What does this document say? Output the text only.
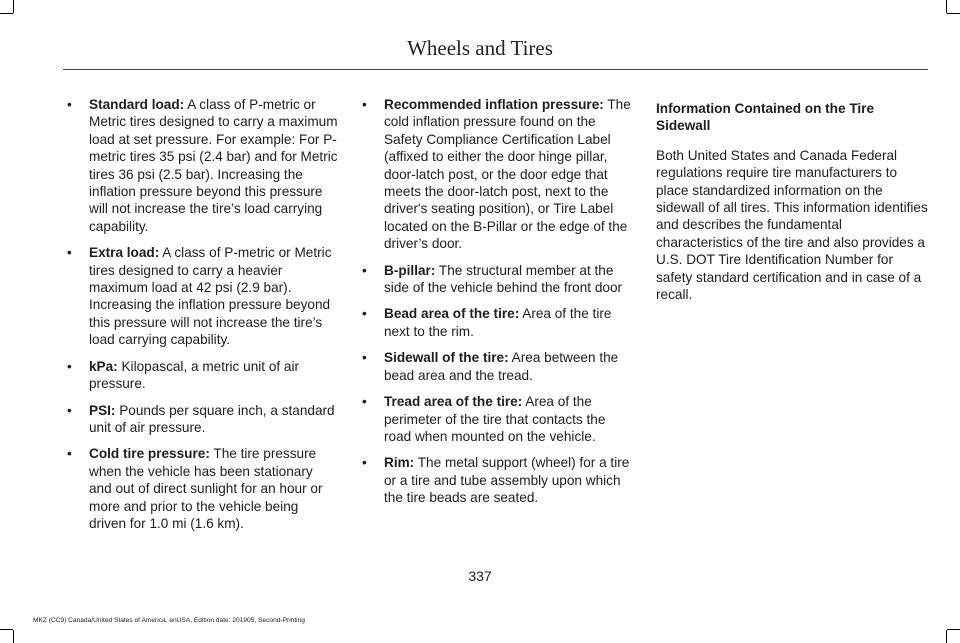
Wheels and Tires
• Standard load: A class of P-metric or Metric tires designed to carry a maximum load at set pressure. For example: For P-metric tires 35 psi (2.4 bar) and for Metric tires 36 psi (2.5 bar). Increasing the inflation pressure beyond this pressure will not increase the tire’s load carrying capability.
• Extra load: A class of P-metric or Metric tires designed to carry a heavier maximum load at 42 psi (2.9 bar). Increasing the inflation pressure beyond this pressure will not increase the tire’s load carrying capability.
• kPa: Kilopascal, a metric unit of air pressure.
• PSI: Pounds per square inch, a standard unit of air pressure.
• Cold tire pressure: The tire pressure when the vehicle has been stationary and out of direct sunlight for an hour or more and prior to the vehicle being driven for 1.0 mi (1.6 km).
• Recommended inflation pressure: The cold inflation pressure found on the Safety Compliance Certification Label (affixed to either the door hinge pillar, door-latch post, or the door edge that meets the door-latch post, next to the driver's seating position), or Tire Label located on the B-Pillar or the edge of the driver’s door.
• B-pillar: The structural member at the side of the vehicle behind the front door
• Bead area of the tire: Area of the tire next to the rim.
• Sidewall of the tire: Area between the bead area and the tread.
• Tread area of the tire: Area of the perimeter of the tire that contacts the road when mounted on the vehicle.
• Rim: The metal support (wheel) for a tire or a tire and tube assembly upon which the tire beads are seated.
Information Contained on the Tire Sidewall

Both United States and Canada Federal regulations require tire manufacturers to place standardized information on the sidewall of all tires. This information identifies and describes the fundamental characteristics of the tire and also provides a U.S. DOT Tire Identification Number for safety standard certification and in case of a recall.

337
MKZ (CC9) Canada/United States of America, enUSA, Edition date: 201905, Second-Printing
